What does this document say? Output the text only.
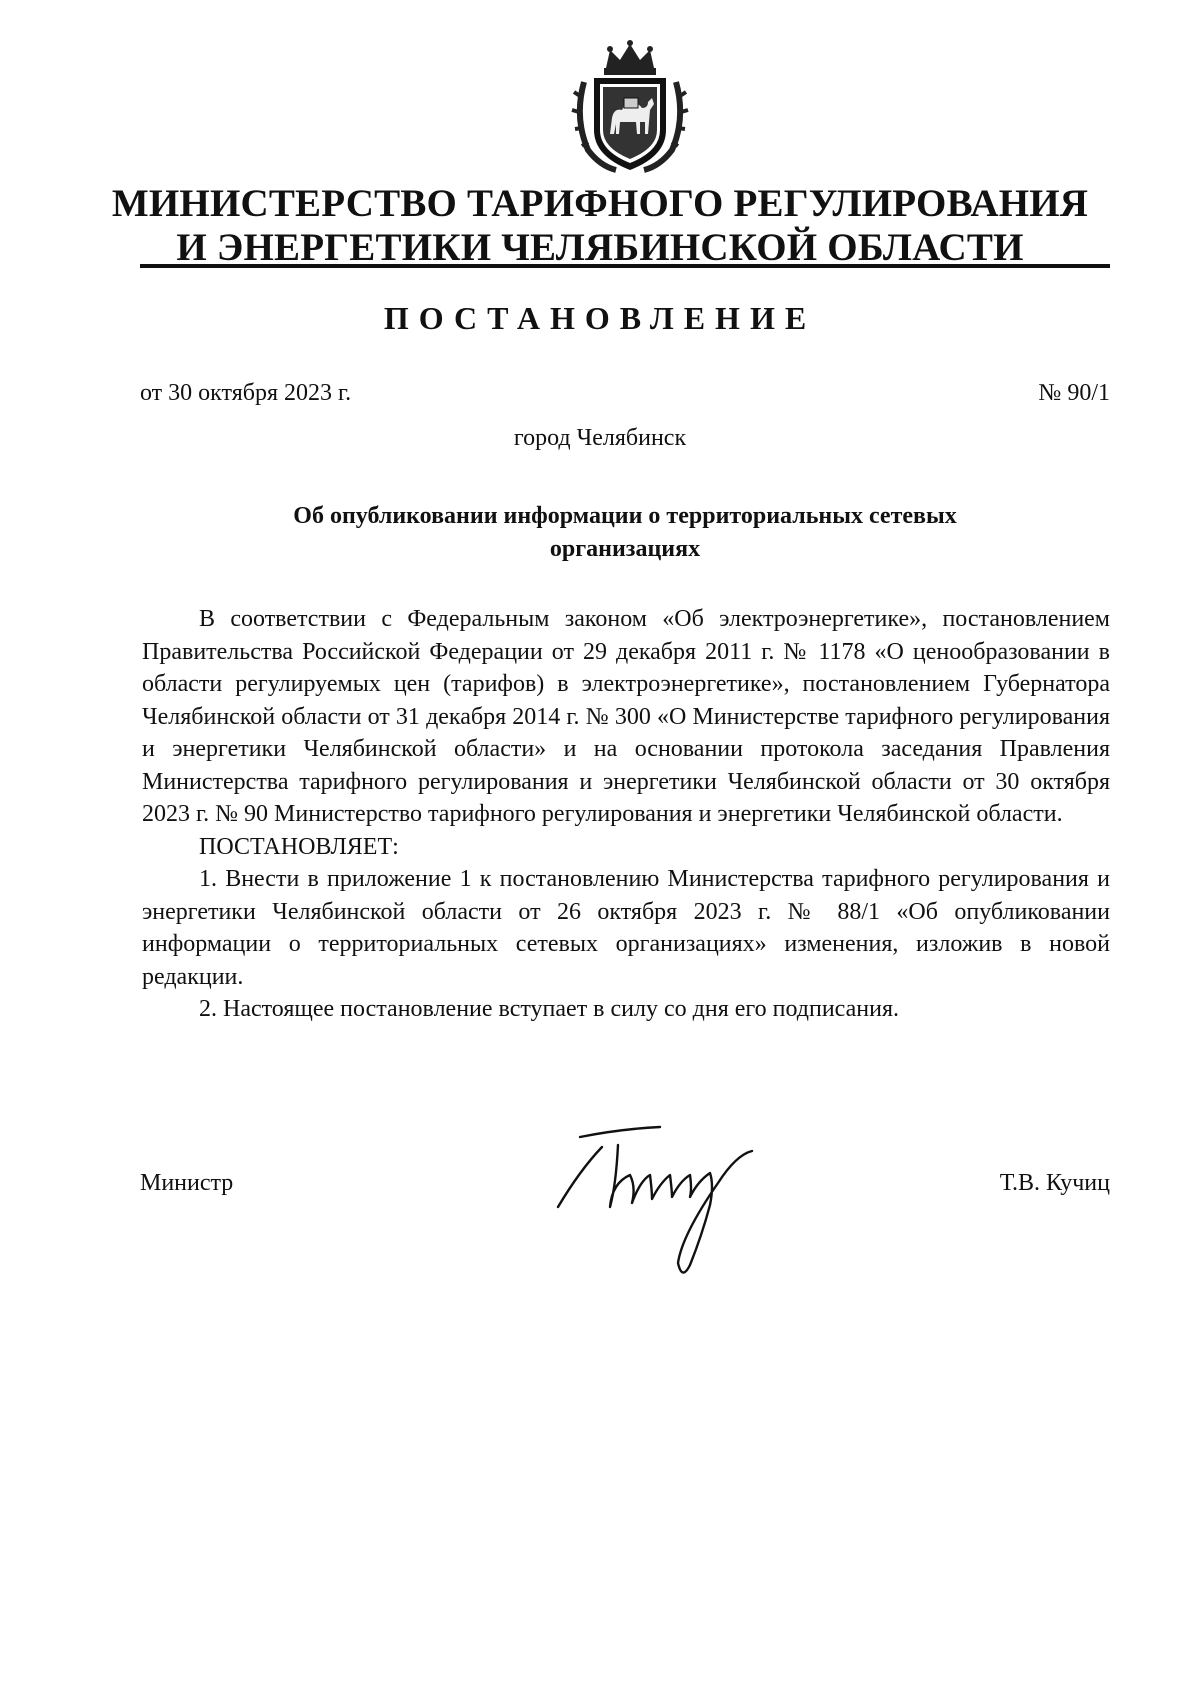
МИНИСТЕРСТВО ТАРИФНОГО РЕГУЛИРОВАНИЯ
И ЭНЕРГЕТИКИ ЧЕЛЯБИНСКОЙ ОБЛАСТИ
ПОСТАНОВЛЕНИЕ
от 30 октября 2023 г.	№ 90/1
город Челябинск
Об опубликовании информации о территориальных сетевых
организациях

В соответствии с Федеральным законом «Об электроэнергетике», постановлением Правительства Российской Федерации от 29 декабря 2011 г. № 1178 «О ценообразовании в области регулируемых цен (тарифов) в электроэнергетике», постановлением Губернатора Челябинской области от 31 декабря 2014 г. № 300 «О Министерстве тарифного регулирования и энергетики Челябинской области» и на основании протокола заседания Правления Министерства тарифного регулирования и энергетики Челябинской области от 30 октября 2023 г. № 90 Министерство тарифного регулирования и энергетики Челябинской области.

ПОСТАНОВЛЯЕТ:

1. Внести в приложение 1 к постановлению Министерства тарифного регулирования и энергетики Челябинской области от 26 октября 2023 г. № 88/1 «Об опубликовании информации о территориальных сетевых организациях» изменения, изложив в новой редакции.

2. Настоящее постановление вступает в силу со дня его подписания.

Министр	Т.В. Кучиц
